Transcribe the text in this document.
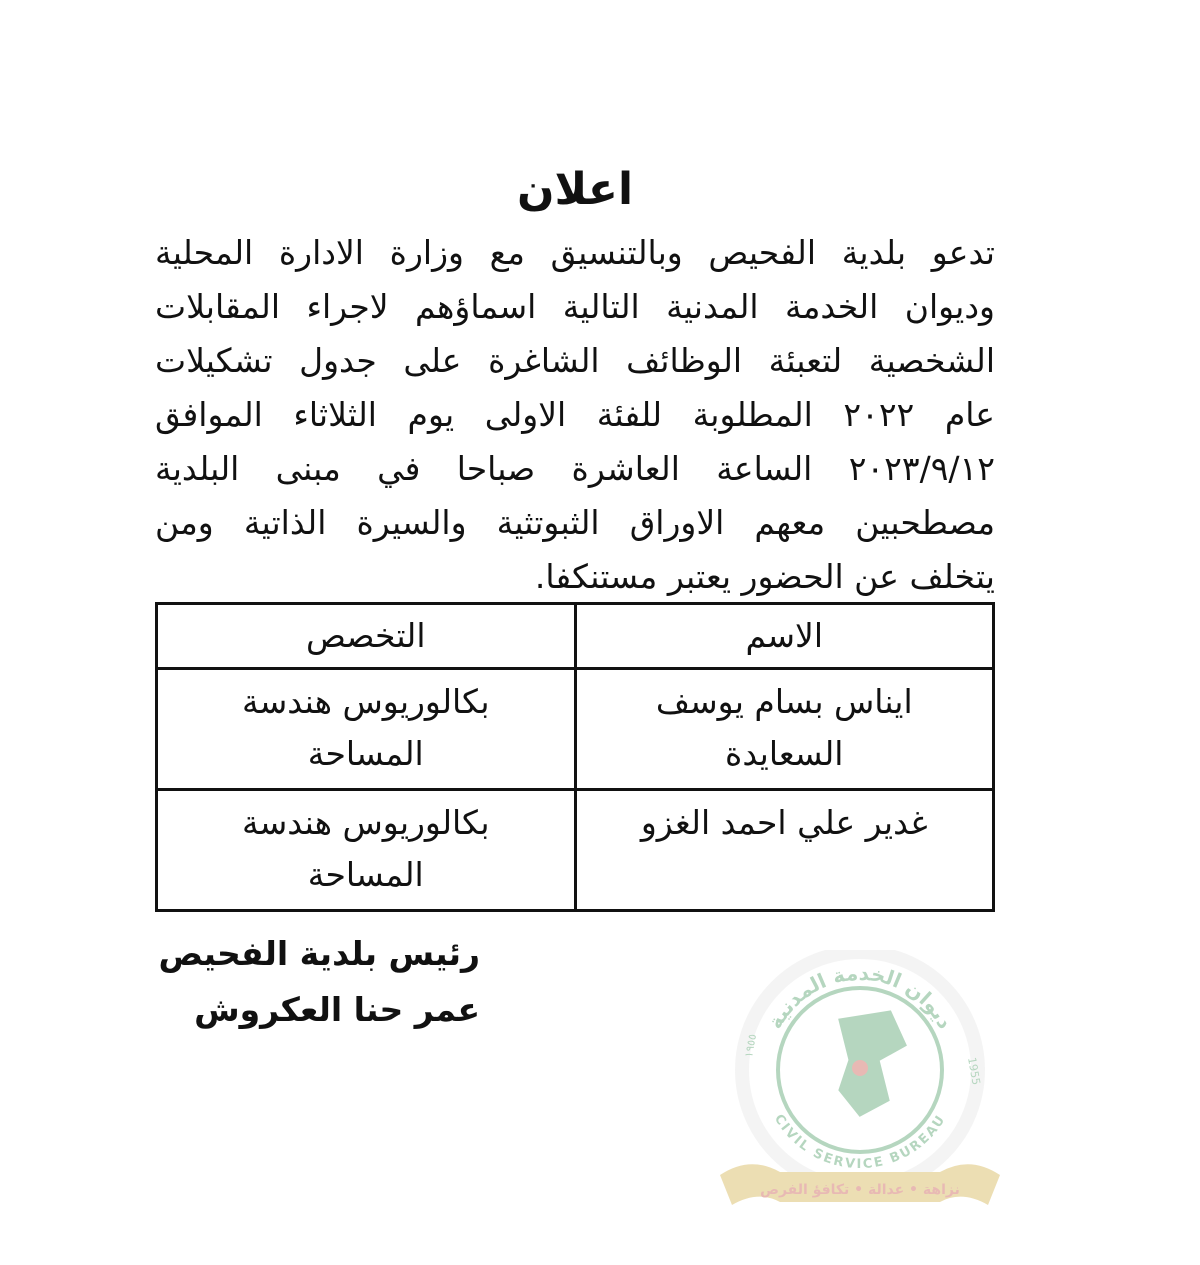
اعلان
تدعو بلدية الفحيص وبالتنسيق مع وزارة الادارة المحلية
وديوان الخدمة المدنية التالية اسماؤهم لاجراء المقابلات
الشخصية لتعبئة الوظائف الشاغرة على جدول تشكيلات
عام ٢٠٢٢ المطلوبة للفئة الاولى يوم الثلاثاء الموافق
٢٠٢٣/٩/١٢ الساعة العاشرة صباحا في مبنى البلدية
مصطحبين معهم الاوراق الثبوتثية والسيرة الذاتية ومن
يتخلف عن الحضور يعتبر مستنكفا.
الاسم	التخصص
ايناس بسام يوسف السعايدة	بكالوريوس هندسة المساحة
غدير علي احمد الغزو	بكالوريوس هندسة المساحة
رئيس بلدية الفحيص
عمر حنا العكروش	ديوان الخدمة المدنية
CIVIL SERVICE BUREAU
1955
١٩٥٥
نزاهة • عدالة • تكافؤ الفرص
